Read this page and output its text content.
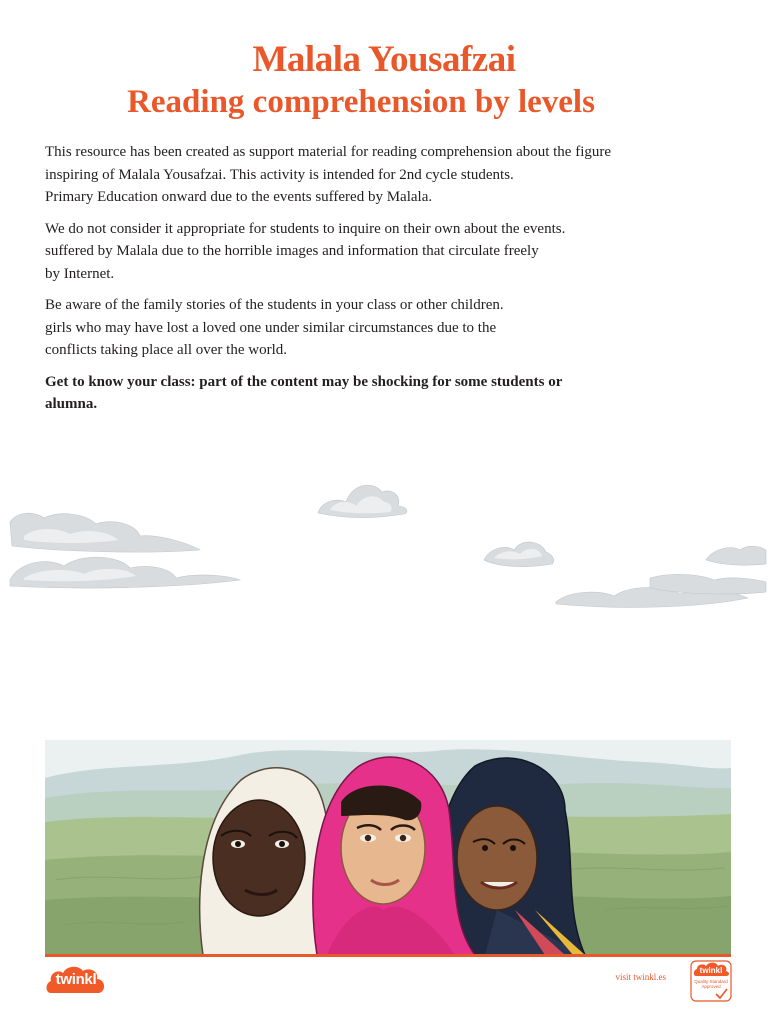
Malala Yousafzai
Reading comprehension by levels

This resource has been created as support material for reading comprehension about the figure
inspiring of Malala Yousafzai. This activity is intended for 2nd cycle students.
Primary Education onward due to the events suffered by Malala.

We do not consider it appropriate for students to inquire on their own about the events.
suffered by Malala due to the horrible images and information that circulate freely
by Internet.

Be aware of the family stories of the students in your class or other children.
girls who may have lost a loved one under similar circumstances due to the
conflicts taking place all over the world.

Get to know your class: part of the content may be shocking for some students or
alumna.

twinkl	visit twinkl.es
twinkl
Quality Standard Approved
